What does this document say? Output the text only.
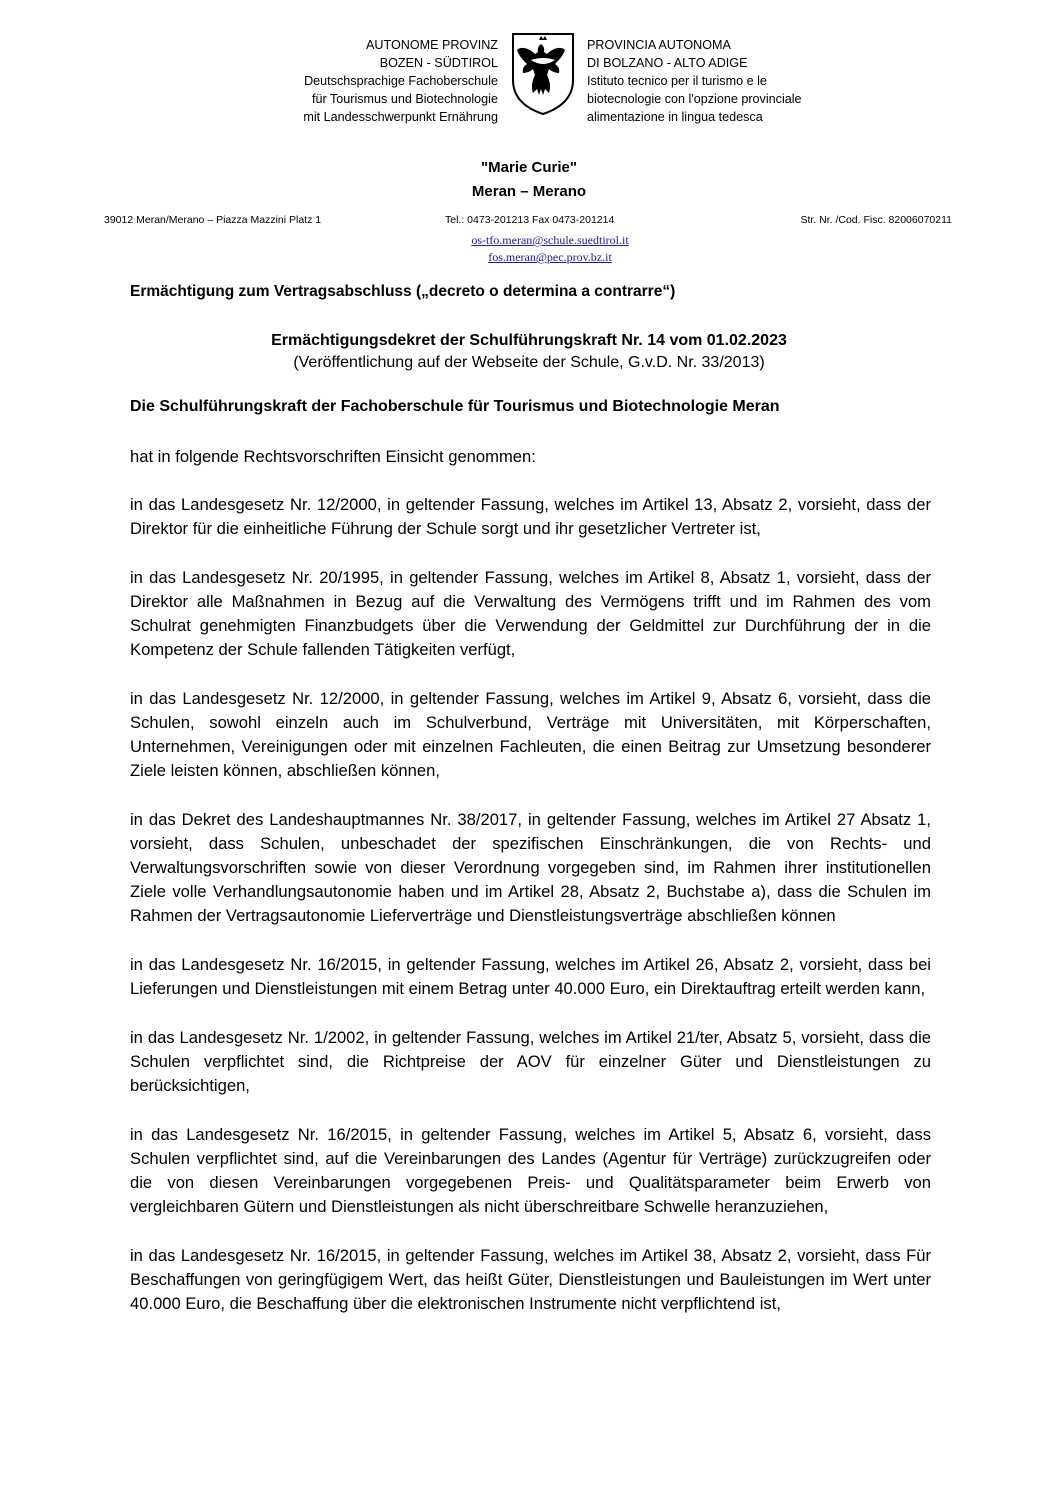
AUTONOME PROVINZ
BOZEN - SÜDTIROL
Deutschsprachige Fachoberschule
für Tourismus und Biotechnologie
mit Landesschwerpunkt Ernährung
PROVINCIA AUTONOMA
DI BOLZANO - ALTO ADIGE
Istituto tecnico per il turismo e le
biotecnologie con l'opzione provinciale
alimentazione in lingua tedesca
"Marie Curie"
Meran – Merano
39012 Meran/Merano – Piazza Mazzini Platz 1	Tel.: 0473-201213 Fax 0473-201214	Str. Nr. /Cod. Fisc. 82006070211
os-tfo.meran@schule.suedtirol.it
fos.meran@pec.prov.bz.it
Ermächtigung zum Vertragsabschluss („decreto o determina a contrarre“)
Ermächtigungsdekret der Schulführungskraft Nr. 14 vom 01.02.2023
(Veröffentlichung auf der Webseite der Schule, G.v.D. Nr. 33/2013)
Die Schulführungskraft der Fachoberschule für Tourismus und Biotechnologie Meran

hat in folgende Rechtsvorschriften Einsicht genommen:

in das Landesgesetz Nr. 12/2000, in geltender Fassung, welches im Artikel 13, Absatz 2, vorsieht, dass der Direktor für die einheitliche Führung der Schule sorgt und ihr gesetzlicher Vertreter ist,

in das Landesgesetz Nr. 20/1995, in geltender Fassung, welches im Artikel 8, Absatz 1, vorsieht, dass der Direktor alle Maßnahmen in Bezug auf die Verwaltung des Vermögens trifft und im Rahmen des vom Schulrat genehmigten Finanzbudgets über die Verwendung der Geldmittel zur Durchführung der in die Kompetenz der Schule fallenden Tätigkeiten verfügt,

in das Landesgesetz Nr. 12/2000, in geltender Fassung, welches im Artikel 9, Absatz 6, vorsieht, dass die Schulen, sowohl einzeln auch im Schulverbund, Verträge mit Universitäten, mit Körperschaften, Unternehmen, Vereinigungen oder mit einzelnen Fachleuten, die einen Beitrag zur Umsetzung besonderer Ziele leisten können, abschließen können,

in das Dekret des Landeshauptmannes Nr. 38/2017, in geltender Fassung, welches im Artikel 27 Absatz 1, vorsieht, dass Schulen, unbeschadet der spezifischen Einschränkungen, die von Rechts- und Verwaltungsvorschriften sowie von dieser Verordnung vorgegeben sind, im Rahmen ihrer institutionellen Ziele volle Verhandlungsautonomie haben und im Artikel 28, Absatz 2, Buchstabe a), dass die Schulen im Rahmen der Vertragsautonomie Lieferverträge und Dienstleistungsverträge abschließen können

in das Landesgesetz Nr. 16/2015, in geltender Fassung, welches im Artikel 26, Absatz 2, vorsieht, dass bei Lieferungen und Dienstleistungen mit einem Betrag unter 40.000 Euro, ein Direktauftrag erteilt werden kann,

in das Landesgesetz Nr. 1/2002, in geltender Fassung, welches im Artikel 21/ter, Absatz 5, vorsieht, dass die Schulen verpflichtet sind, die Richtpreise der AOV für einzelner Güter und Dienstleistungen zu berücksichtigen,

in das Landesgesetz Nr. 16/2015, in geltender Fassung, welches im Artikel 5, Absatz 6, vorsieht, dass Schulen verpflichtet sind, auf die Vereinbarungen des Landes (Agentur für Verträge) zurückzugreifen oder die von diesen Vereinbarungen vorgegebenen Preis- und Qualitätsparameter beim Erwerb von vergleichbaren Gütern und Dienstleistungen als nicht überschreitbare Schwelle heranzuziehen,

in das Landesgesetz Nr. 16/2015, in geltender Fassung, welches im Artikel 38, Absatz 2, vorsieht, dass Für Beschaffungen von geringfügigem Wert, das heißt Güter, Dienstleistungen und Bauleistungen im Wert unter 40.000 Euro, die Beschaffung über die elektronischen Instrumente nicht verpflichtend ist,
